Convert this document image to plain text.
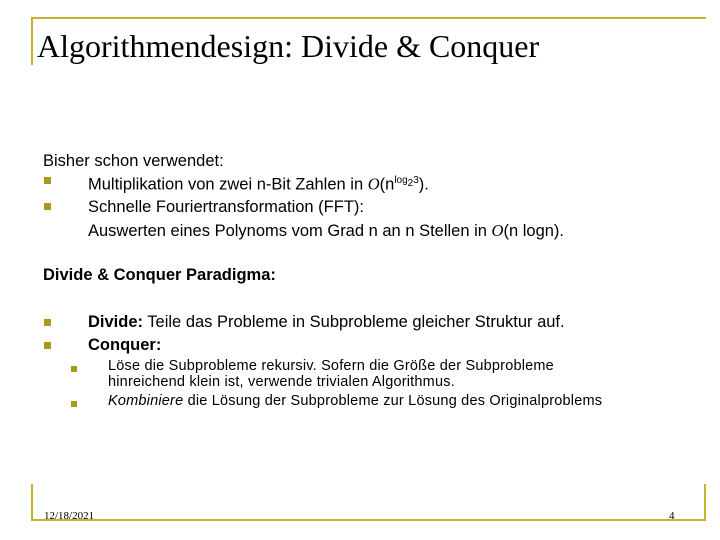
Algorithmendesign: Divide & Conquer
Bisher schon verwendet:
Multiplikation von zwei n-Bit Zahlen in $O(n^{log_23})$.
Schnelle Fouriertransformation (FFT):
Auswerten eines Polynoms vom Grad n an n Stellen in O(n logn).
Divide & Conquer Paradigma:
Divide: Teile das Probleme in Subprobleme gleicher Struktur auf.
Conquer:
Löse die Subprobleme rekursiv. Sofern die Größe der Subprobleme
hinreichend klein ist, verwende trivialen Algorithmus.
Kombiniere die Lösung der Subprobleme zur Lösung des Originalproblems
12/18/2021	4
